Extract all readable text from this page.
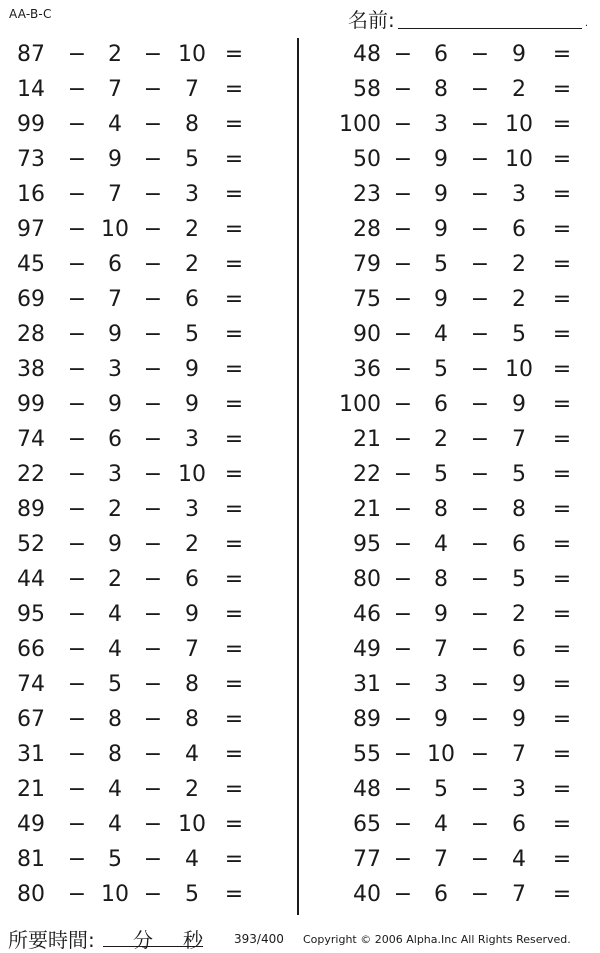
AA-B-C	名前:	.
87 − 2 − 10 =
14 − 7 −	7	=
99 − 4 −	8	=
73 − 9 −	5	=
16 − 7 −	3	=
97 − 10 −	2	=
45 − 6 −	2	=
69 − 7 −	6	=
28 − 9 −	5	=
38 − 3 −	9	=
99 − 9 −	9	=
74 − 6 −	3	=
22 − 3 − 10 =
89 − 2 −	3	=
52 − 9 −	2	=
44 − 2 −	6	=
95 − 4 −	9	=
66 − 4 −	7	=
74 − 5 −	8	=
67 − 8 −	8	=
31 − 8 −	4	=
21 − 4 −	2	=
49 − 4 − 10 =
81 − 5 −	4	=
80 − 10 −	5	=
48 − 6	−	9	=
58 − 8	−	2	=
100 − 3	− 10 =
50 − 9	− 10 =
23 − 9	−	3	=
28 − 9	−	6	=
79 − 5	−	2	=
75 − 9	−	2	=
90 − 4	−	5	=
36 − 5	− 10 =
100 − 6	−	9	=
21 − 2	−	7	=
22 − 5	−	5	=
21 − 8	−	8	=
95 − 4	−	6	=
80 − 8	−	5	=
46 − 9	−	2	=
49 − 7	−	6	=
31 − 3	−	9	=
89 − 9	−	9	=
55 − 10 −	7	=
48 − 5	−	3	=
65 − 4	−	6	=
77 − 7	−	4	=
40 − 6	−	7	=
所要時間: 分 秒	393/400 Copyright © 2006 Alpha.Inc All Rights Reserved.
